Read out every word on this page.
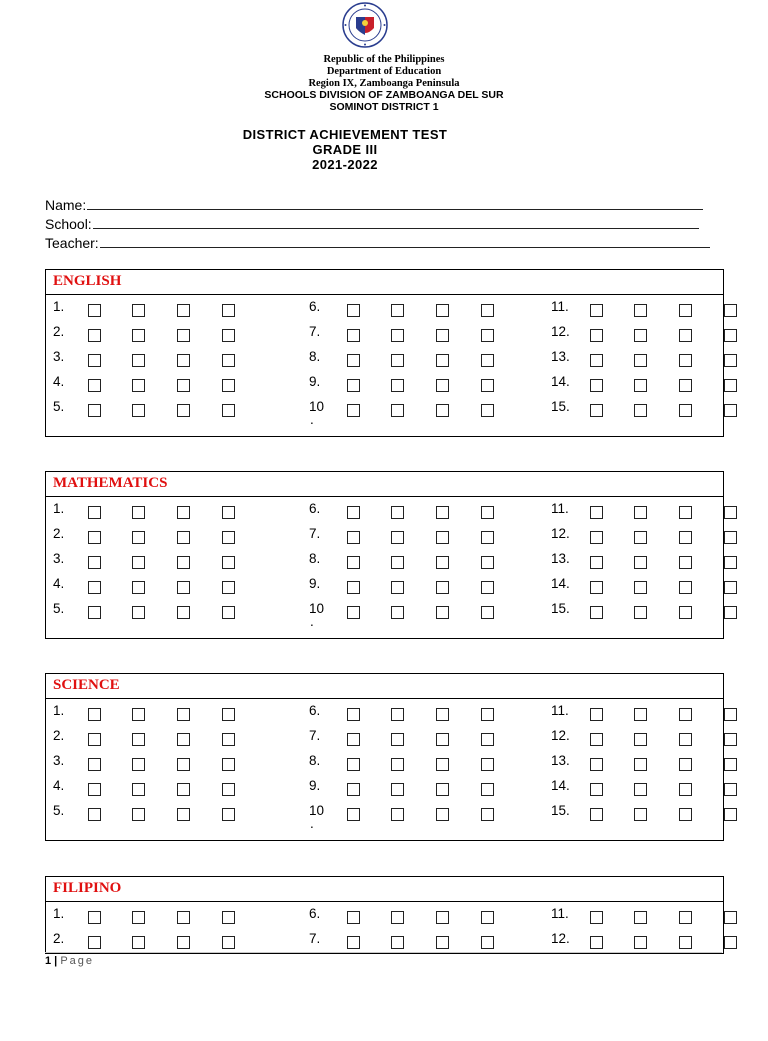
Republic of the Philippines
Department of Education
Region IX, Zamboanga Peninsula
SCHOOLS DIVISION OF ZAMBOANGA DEL SUR
SOMINOT DISTRICT 1
DISTRICT ACHIEVEMENT TEST
GRADE III
2021-2022
Name:
School:
Teacher:
ENGLISH
1.
2.
3.
4.
5.
6.
7.
8.
9.
10
.
11.
12.
13.
14.
15.
MATHEMATICS
1.
2.
3.
4.
5.
6.
7.
8.
9.
10
.
11.
12.
13.
14.
15.
SCIENCE
1.
2.
3.
4.
5.
6.
7.
8.
9.
10
.
11.
12.
13.
14.
15.
FILIPINO
1.
2.
6.
7.
11.
12.
1 | Page
